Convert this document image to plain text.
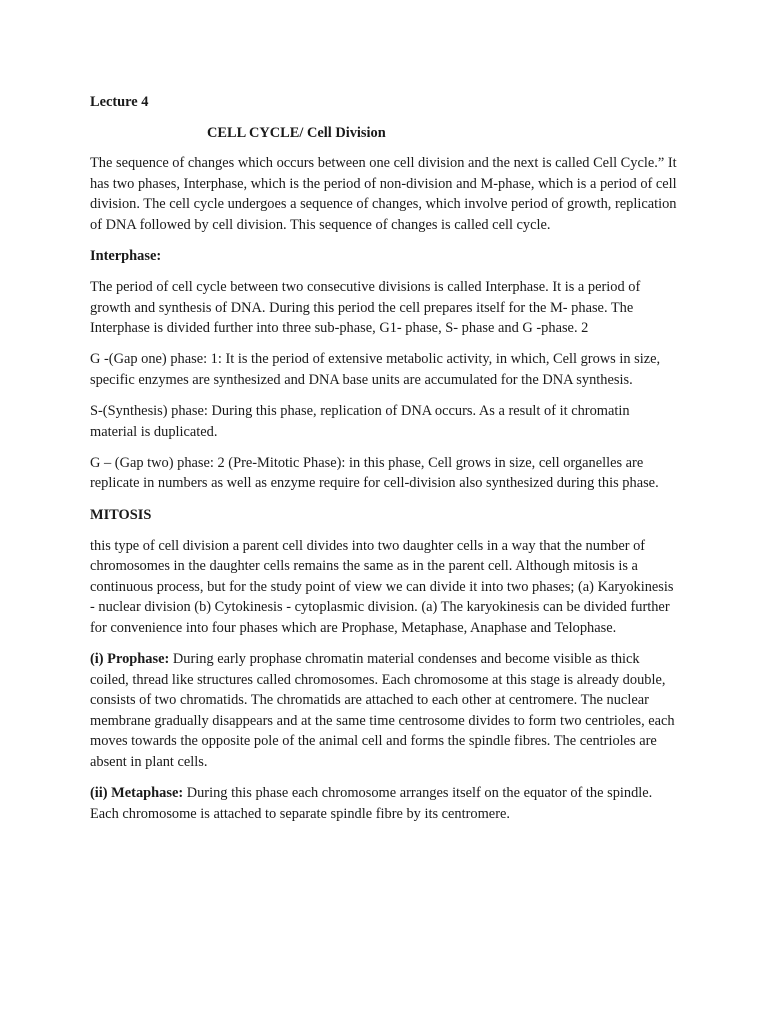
Lecture 4

CELL CYCLE/ Cell Division

The sequence of changes which occurs between one cell division and the next is called Cell Cycle.” It has two phases, Interphase, which is the period of non-division and M-phase, which is a period of cell division. The cell cycle undergoes a sequence of changes, which involve period of growth, replication of DNA followed by cell division. This sequence of changes is called cell cycle.

Interphase:

The period of cell cycle between two consecutive divisions is called Interphase. It is a period of growth and synthesis of DNA. During this period the cell prepares itself for the M- phase. The Interphase is divided further into three sub-phase, G1- phase, S- phase and G -phase. 2

G -(Gap one) phase: 1: It is the period of extensive metabolic activity, in which, Cell grows in size, specific enzymes are synthesized and DNA base units are accumulated for the DNA synthesis.

S-(Synthesis) phase: During this phase, replication of DNA occurs. As a result of it chromatin material is duplicated.

G – (Gap two) phase: 2 (Pre-Mitotic Phase): in this phase, Cell grows in size, cell organelles are replicate in numbers as well as enzyme require for cell-division also synthesized during this phase.

MITOSIS

this type of cell division a parent cell divides into two daughter cells in a way that the number of chromosomes in the daughter cells remains the same as in the parent cell. Although mitosis is a continuous process, but for the study point of view we can divide it into two phases; (a) Karyokinesis - nuclear division (b) Cytokinesis - cytoplasmic division. (a) The karyokinesis can be divided further for convenience into four phases which are Prophase, Metaphase, Anaphase and Telophase.

(i) Prophase: During early prophase chromatin material condenses and become visible as thick coiled, thread like structures called chromosomes. Each chromosome at this stage is already double, consists of two chromatids. The chromatids are attached to each other at centromere. The nuclear membrane gradually disappears and at the same time centrosome divides to form two centrioles, each moves towards the opposite pole of the animal cell and forms the spindle fibres. The centrioles are absent in plant cells.

(ii) Metaphase: During this phase each chromosome arranges itself on the equator of the spindle. Each chromosome is attached to separate spindle fibre by its centromere.
